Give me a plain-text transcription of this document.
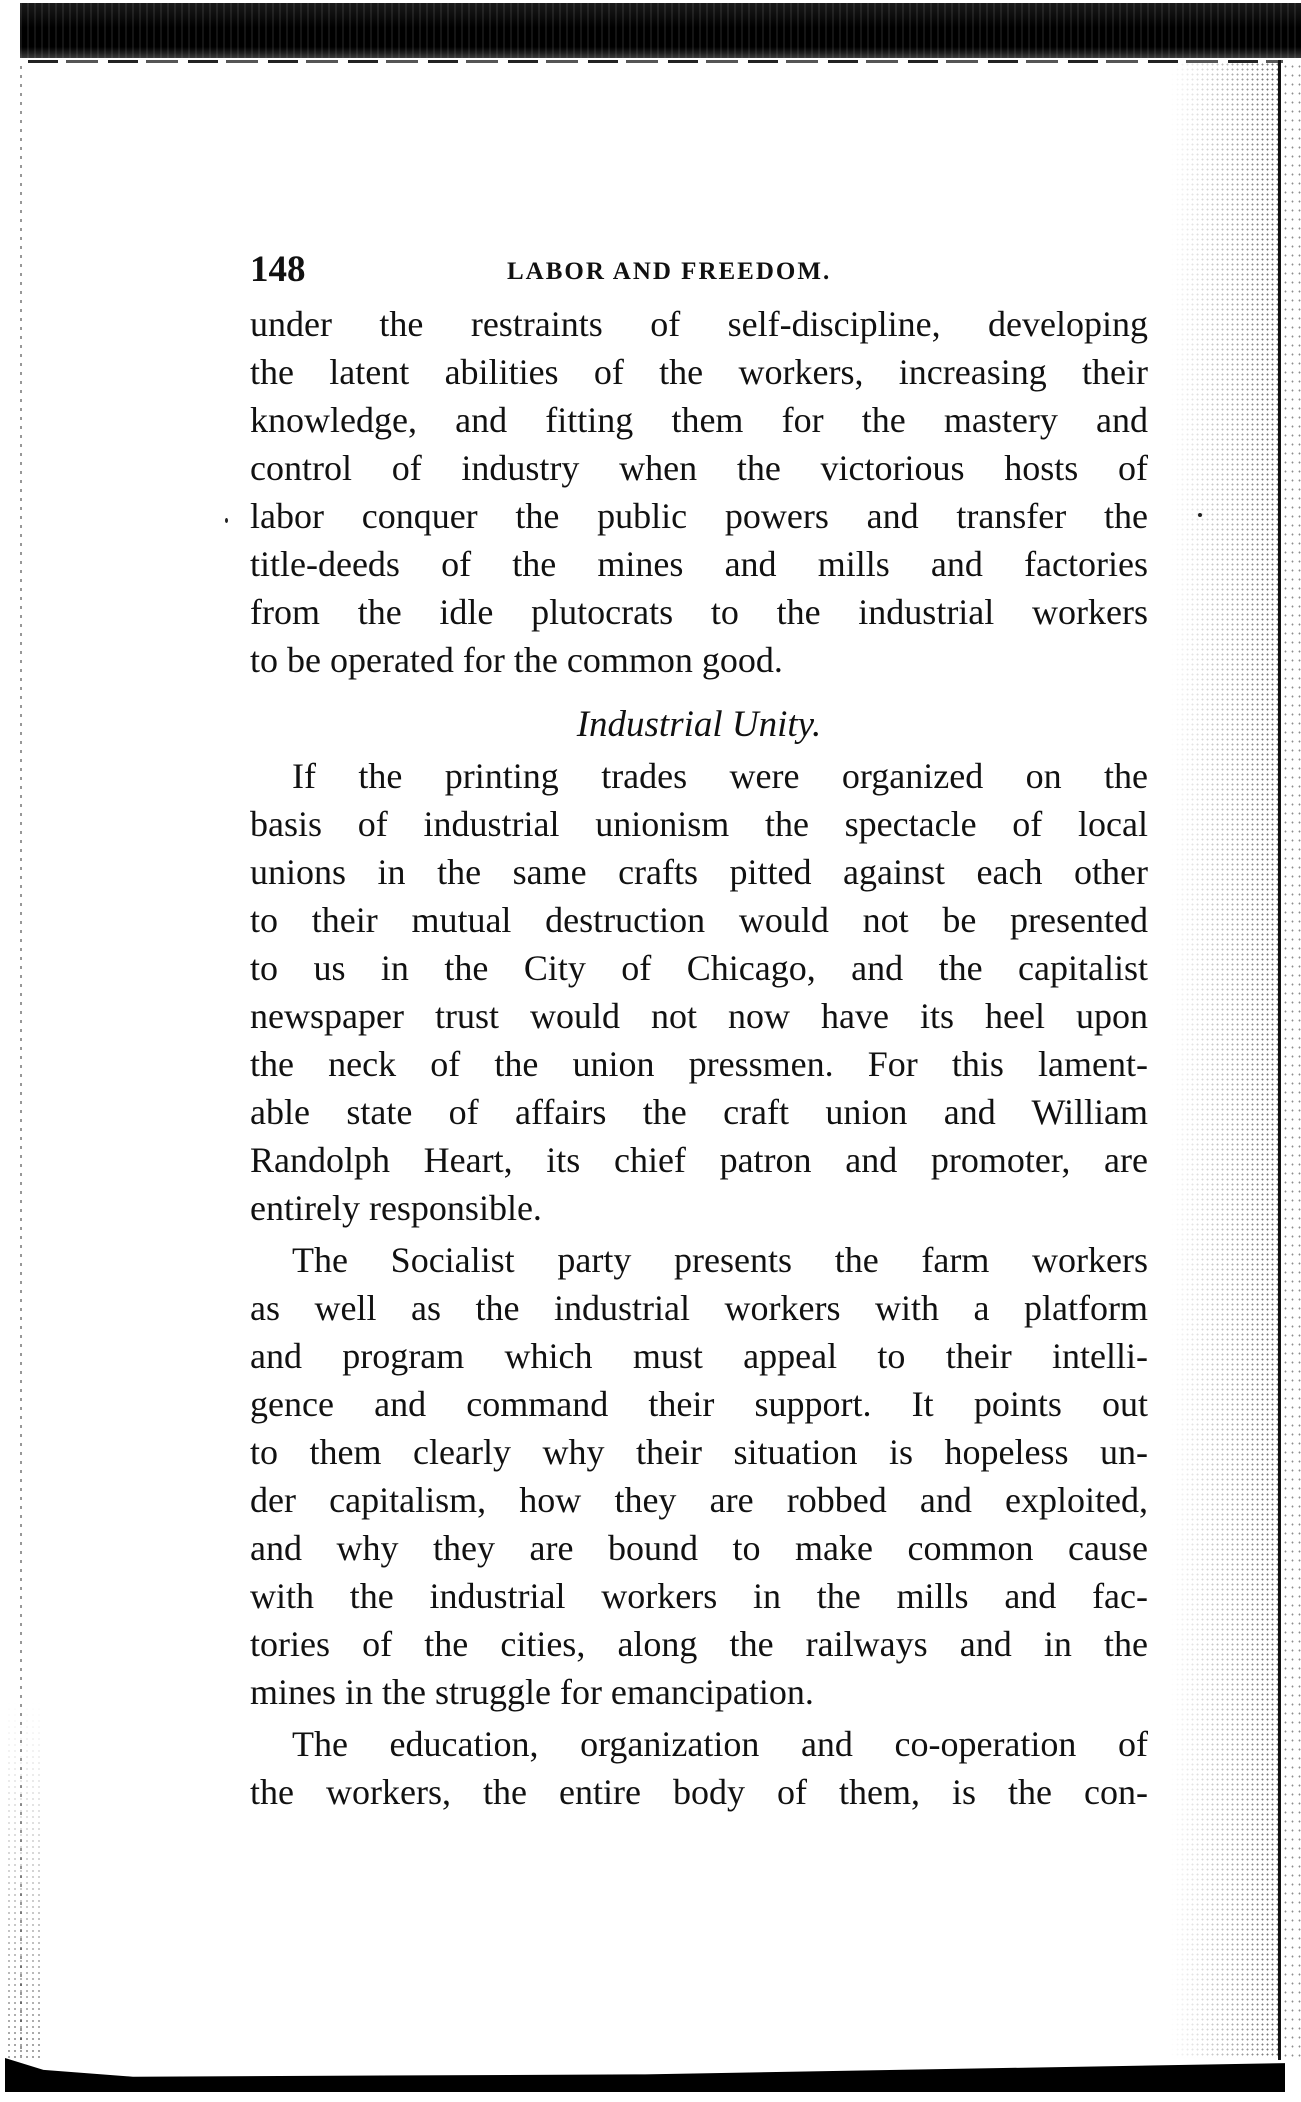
148	LABOR AND FREEDOM.
under the restraints of self-discipline, developing
the latent abilities of the workers, increasing their
knowledge, and fitting them for the mastery and
control of industry when the victorious hosts of
labor conquer the public powers and transfer the
title-deeds of the mines and mills and factories
from the idle plutocrats to the industrial workers
to be operated for the common good.
Industrial Unity.
If the printing trades were organized on the
basis of industrial unionism the spectacle of local
unions in the same crafts pitted against each other
to their mutual destruction would not be presented
to us in the City of Chicago, and the capitalist
newspaper trust would not now have its heel upon
the neck of the union pressmen. For this lament-
able state of affairs the craft union and William
Randolph Heart, its chief patron and promoter, are
entirely responsible.
The Socialist party presents the farm workers
as well as the industrial workers with a platform
and program which must appeal to their intelli-
gence and command their support. It points out
to them clearly why their situation is hopeless un-
der capitalism, how they are robbed and exploited,
and why they are bound to make common cause
with the industrial workers in the mills and fac-
tories of the cities, along the railways and in the
mines in the struggle for emancipation.
The education, organization and co-operation of
the workers, the entire body of them, is the con-
